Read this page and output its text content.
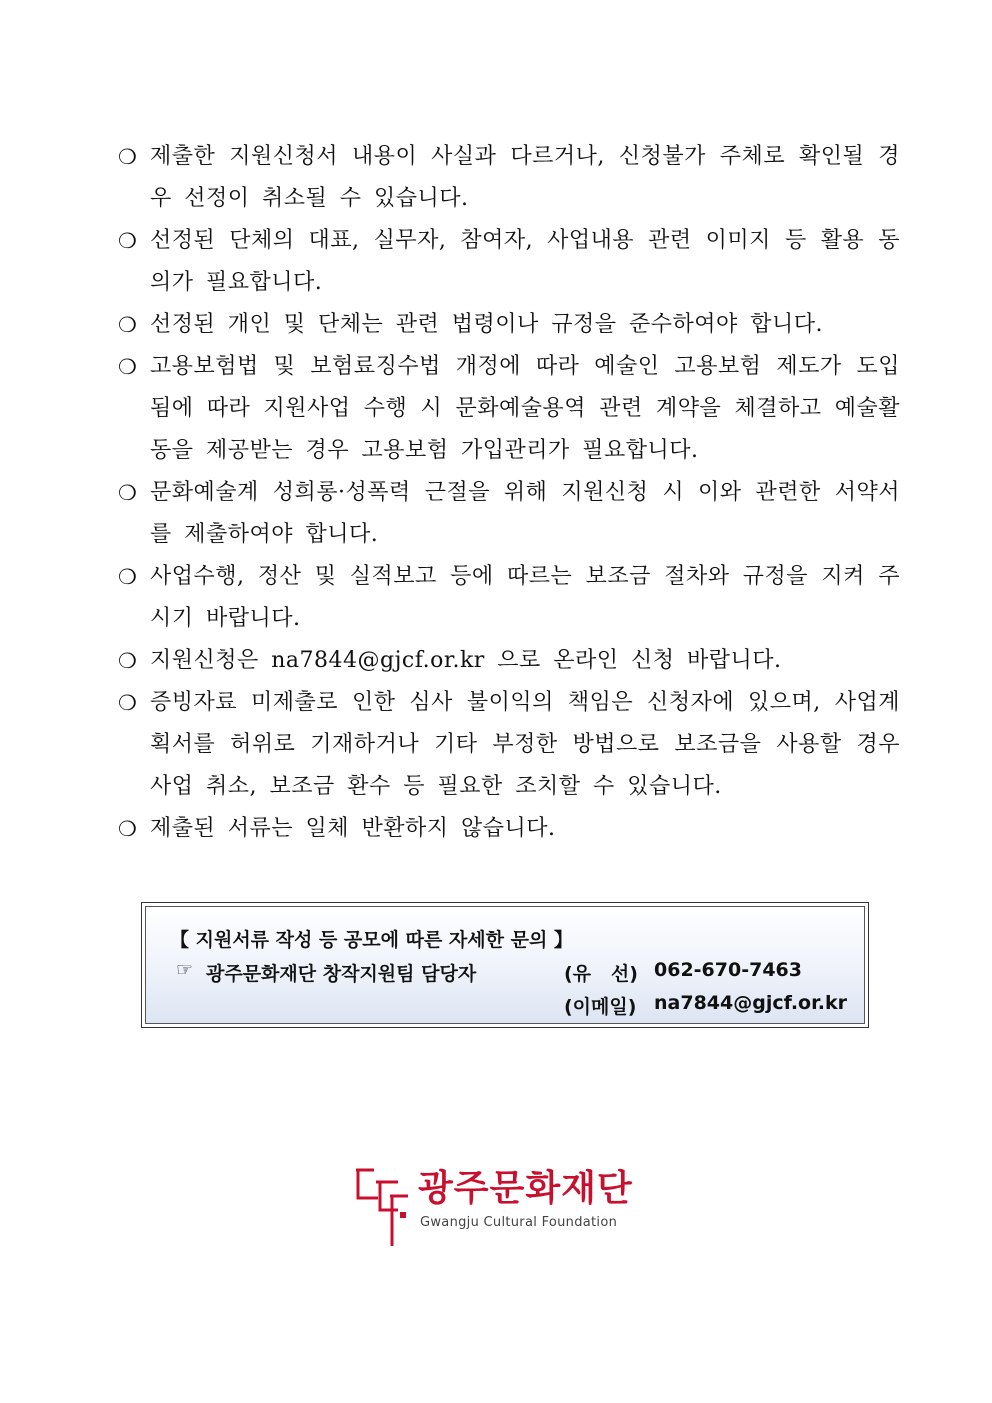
❍ 제출한 지원신청서 내용이 사실과 다르거나, 신청불가 주체로 확인될 경우 선정이 취소될 수 있습니다.
❍ 선정된 단체의 대표, 실무자, 참여자, 사업내용 관련 이미지 등 활용 동의가 필요합니다.
❍ 선정된 개인 및 단체는 관련 법령이나 규정을 준수하여야 합니다.
❍ 고용보험법 및 보험료징수법 개정에 따라 예술인 고용보험 제도가 도입됨에 따라 지원사업 수행 시 문화예술용역 관련 계약을 체결하고 예술활동을 제공받는 경우 고용보험 가입관리가 필요합니다.
❍ 문화예술계 성희롱·성폭력 근절을 위해 지원신청 시 이와 관련한 서약서를 제출하여야 합니다.
❍ 사업수행, 정산 및 실적보고 등에 따르는 보조금 절차와 규정을 지켜 주시기 바랍니다.
❍ 지원신청은 na7844@gjcf.or.kr 으로 온라인 신청 바랍니다.
❍ 증빙자료 미제출로 인한 심사 불이익의 책임은 신청자에 있으며, 사업계획서를 허위로 기재하거나 기타 부정한 방법으로 보조금을 사용할 경우 사업 취소, 보조금 환수 등 필요한 조치할 수 있습니다.
❍ 제출된 서류는 일체 반환하지 않습니다.
【 지원서류 작성 등 공모에 따른 자세한 문의 】
☞ 광주문화재단 창작지원팀 담당자	(유   선) 062-670-7463
(이메일) na7844@gjcf.or.kr
광주문화재단
Gwangju Cultural Foundation
